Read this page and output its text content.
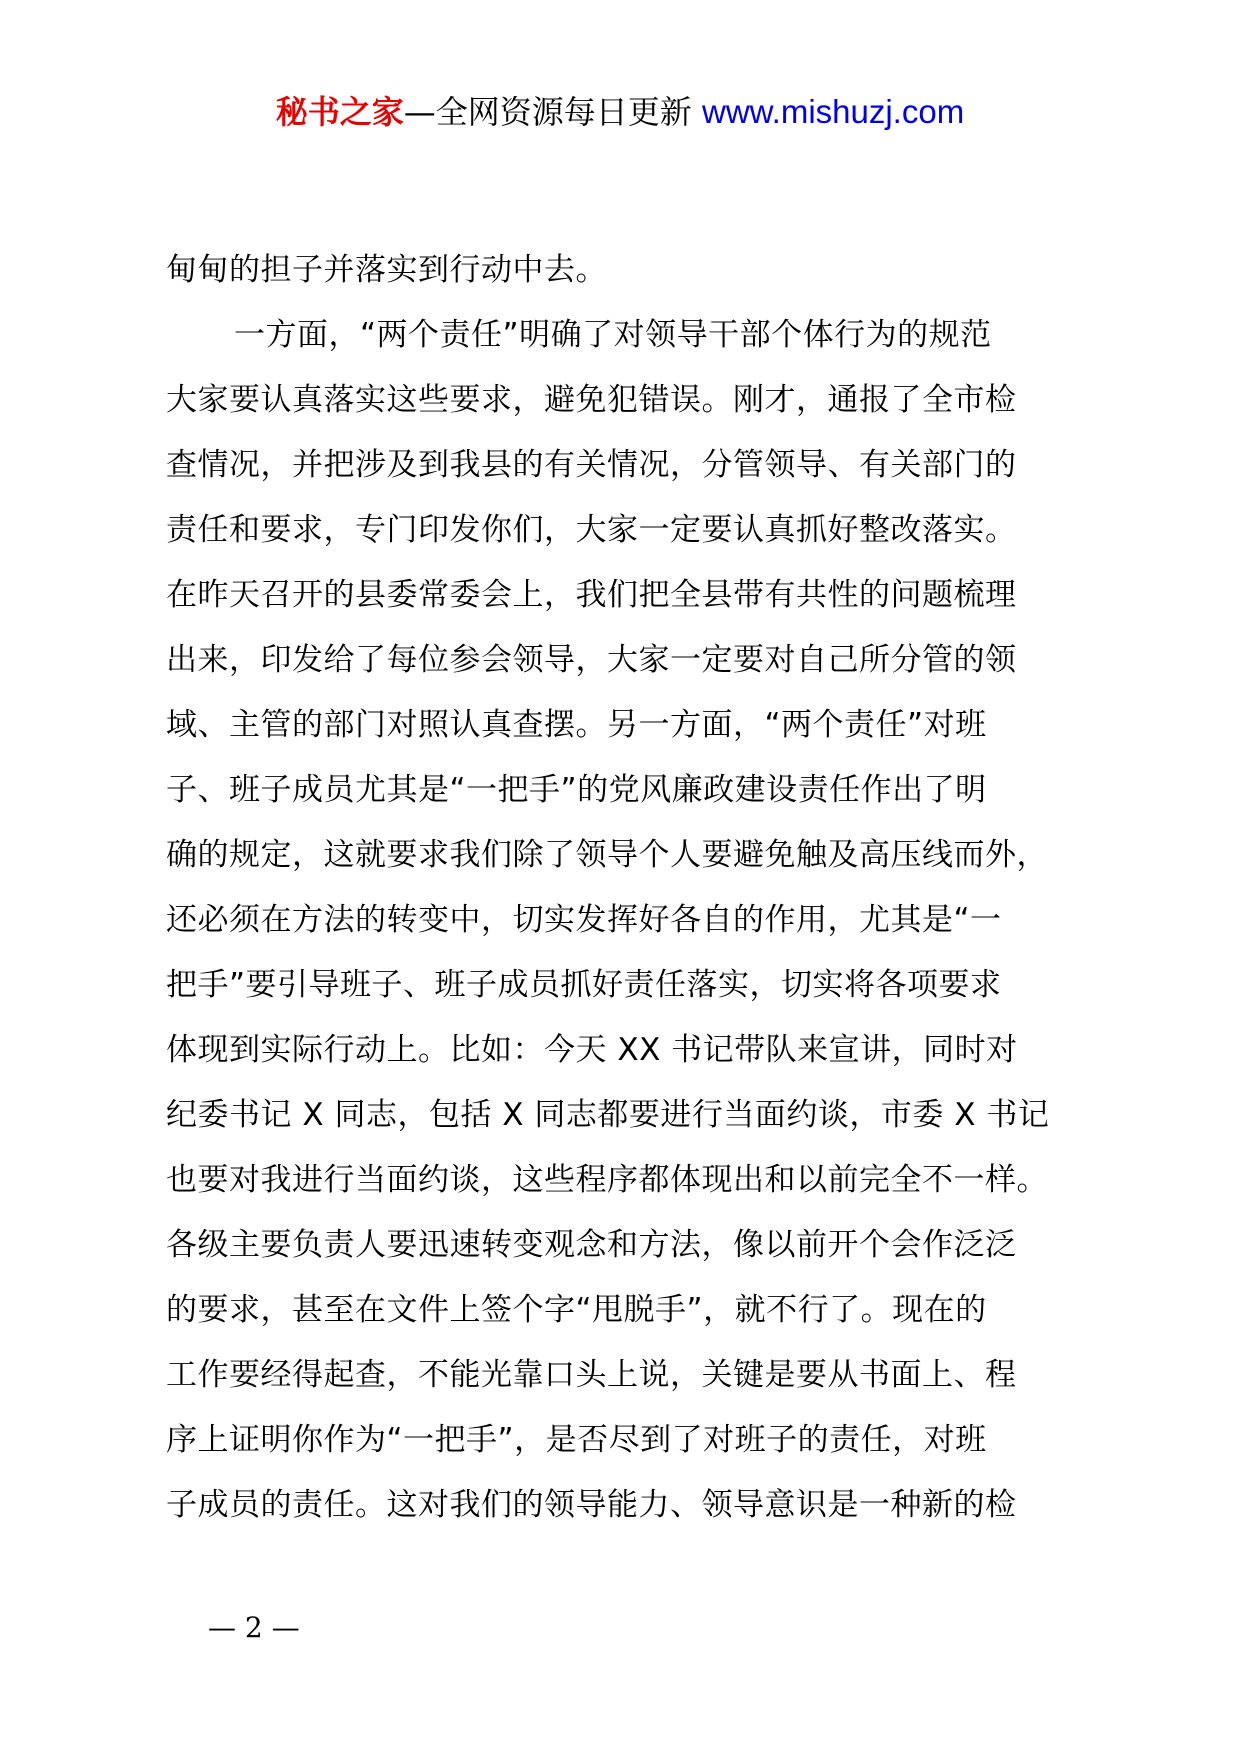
秘书之家—全网资源每日更新 www.mishuzj.com
甸甸的担子并落实到行动中去。
一方面，“两个责任”明确了对领导干部个体行为的规范
大家要认真落实这些要求，避免犯错误。刚才，通报了全市检
查情况，并把涉及到我县的有关情况，分管领导、有关部门的
责任和要求，专门印发你们，大家一定要认真抓好整改落实。
在昨天召开的县委常委会上，我们把全县带有共性的问题梳理
出来，印发给了每位参会领导，大家一定要对自己所分管的领
域、主管的部门对照认真查摆。另一方面，“两个责任”对班
子、班子成员尤其是“一把手”的党风廉政建设责任作出了明
确的规定，这就要求我们除了领导个人要避免触及高压线而外，
还必须在方法的转变中，切实发挥好各自的作用，尤其是“一
把手”要引导班子、班子成员抓好责任落实，切实将各项要求
体现到实际行动上。比如：今天 XX 书记带队来宣讲，同时对
纪委书记 X 同志，包括 X 同志都要进行当面约谈，市委 X 书记
也要对我进行当面约谈，这些程序都体现出和以前完全不一样。
各级主要负责人要迅速转变观念和方法，像以前开个会作泛泛
的要求，甚至在文件上签个字“甩脱手”，就不行了。现在的
工作要经得起查，不能光靠口头上说，关键是要从书面上、程
序上证明你作为“一把手”，是否尽到了对班子的责任，对班
子成员的责任。这对我们的领导能力、领导意识是一种新的检
— 2 —
